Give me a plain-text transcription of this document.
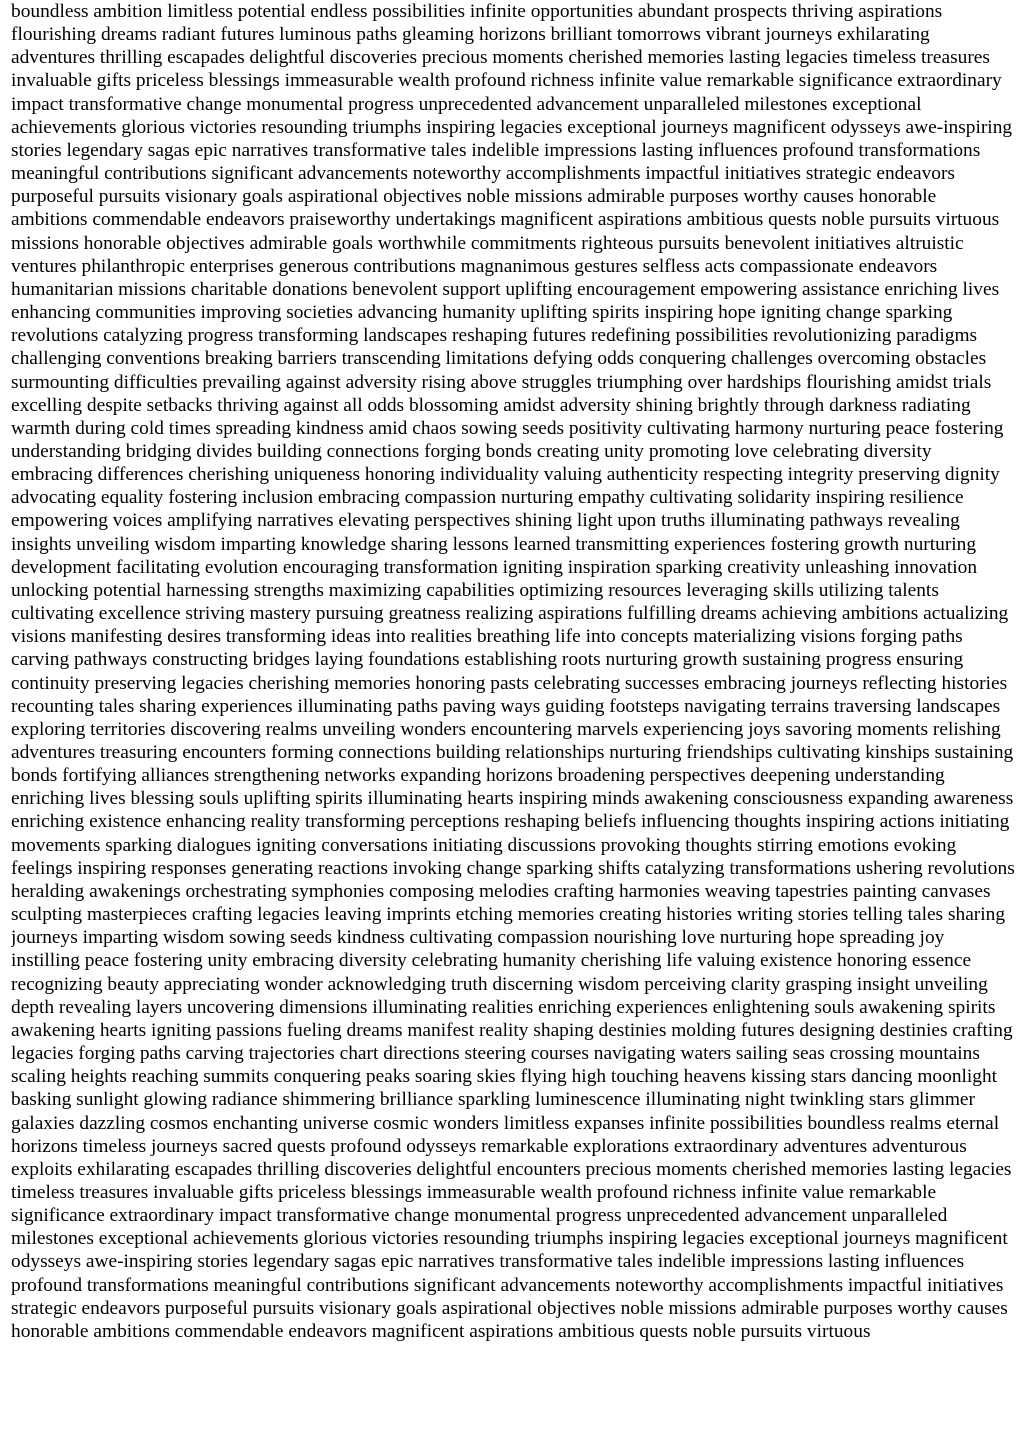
boundless ambition limitless potential endless possibilities infinite opportunities abundant prospects thriving aspirations flourishing dreams radiant futures luminous paths gleaming horizons brilliant tomorrows vibrant journeys exhilarating adventures thrilling escapades delightful discoveries precious moments cherished memories lasting legacies timeless treasures invaluable gifts priceless blessings immeasurable wealth profound richness infinite value remarkable significance extraordinary impact transformative change monumental progress unprecedented advancement unparalleled milestones exceptional achievements glorious victories resounding triumphs inspiring legacies exceptional journeys magnificent odysseys awe-inspiring stories legendary sagas epic narratives transformative tales indelible impressions lasting influences profound transformations meaningful contributions significant advancements noteworthy accomplishments impactful initiatives strategic endeavors purposeful pursuits visionary goals aspirational objectives noble missions admirable purposes worthy causes honorable ambitions commendable endeavors praiseworthy undertakings magnificent aspirations ambitious quests noble pursuits virtuous missions honorable objectives admirable goals worthwhile commitments righteous pursuits benevolent initiatives altruistic ventures philanthropic enterprises generous contributions magnanimous gestures selfless acts compassionate endeavors humanitarian missions charitable donations benevolent support uplifting encouragement empowering assistance enriching lives enhancing communities improving societies advancing humanity uplifting spirits inspiring hope igniting change sparking revolutions catalyzing progress transforming landscapes reshaping futures redefining possibilities revolutionizing paradigms challenging conventions breaking barriers transcending limitations defying odds conquering challenges overcoming obstacles surmounting difficulties prevailing against adversity rising above struggles triumphing over hardships flourishing amidst trials excelling despite setbacks thriving against all odds blossoming amidst adversity shining brightly through darkness radiating warmth during cold times spreading kindness amid chaos sowing seeds positivity cultivating harmony nurturing peace fostering understanding bridging divides building connections forging bonds creating unity promoting love celebrating diversity embracing differences cherishing uniqueness honoring individuality valuing authenticity respecting integrity preserving dignity advocating equality fostering inclusion embracing compassion nurturing empathy cultivating solidarity inspiring resilience empowering voices amplifying narratives elevating perspectives shining light upon truths illuminating pathways revealing insights unveiling wisdom imparting knowledge sharing lessons learned transmitting experiences fostering growth nurturing development facilitating evolution encouraging transformation igniting inspiration sparking creativity unleashing innovation unlocking potential harnessing strengths maximizing capabilities optimizing resources leveraging skills utilizing talents cultivating excellence striving mastery pursuing greatness realizing aspirations fulfilling dreams achieving ambitions actualizing visions manifesting desires transforming ideas into realities breathing life into concepts materializing visions forging paths carving pathways constructing bridges laying foundations establishing roots nurturing growth sustaining progress ensuring continuity preserving legacies cherishing memories honoring pasts celebrating successes embracing journeys reflecting histories recounting tales sharing experiences illuminating paths paving ways guiding footsteps navigating terrains traversing landscapes exploring territories discovering realms unveiling wonders encountering marvels experiencing joys savoring moments relishing adventures treasuring encounters forming connections building relationships nurturing friendships cultivating kinships sustaining bonds fortifying alliances strengthening networks expanding horizons broadening perspectives deepening understanding enriching lives blessing souls uplifting spirits illuminating hearts inspiring minds awakening consciousness expanding awareness enriching existence enhancing reality transforming perceptions reshaping beliefs influencing thoughts inspiring actions initiating movements sparking dialogues igniting conversations initiating discussions provoking thoughts stirring emotions evoking feelings inspiring responses generating reactions invoking change sparking shifts catalyzing transformations ushering revolutions heralding awakenings orchestrating symphonies composing melodies crafting harmonies weaving tapestries painting canvases sculpting masterpieces crafting legacies leaving imprints etching memories creating histories writing stories telling tales sharing journeys imparting wisdom sowing seeds kindness cultivating compassion nourishing love nurturing hope spreading joy instilling peace fostering unity embracing diversity celebrating humanity cherishing life valuing existence honoring essence recognizing beauty appreciating wonder acknowledging truth discerning wisdom perceiving clarity grasping insight unveiling depth revealing layers uncovering dimensions illuminating realities enriching experiences enlightening souls awakening spirits awakening hearts igniting passions fueling dreams manifest reality shaping destinies molding futures designing destinies crafting legacies forging paths carving trajectories chart directions steering courses navigating waters sailing seas crossing mountains scaling heights reaching summits conquering peaks soaring skies flying high touching heavens kissing stars dancing moonlight basking sunlight glowing radiance shimmering brilliance sparkling luminescence illuminating night twinkling stars glimmer galaxies dazzling cosmos enchanting universe cosmic wonders limitless expanses infinite possibilities boundless realms eternal horizons timeless journeys sacred quests profound odysseys remarkable explorations extraordinary adventures adventurous exploits exhilarating escapades thrilling discoveries delightful encounters precious moments cherished memories lasting legacies timeless treasures invaluable gifts priceless blessings immeasurable wealth profound richness infinite value remarkable significance extraordinary impact transformative change monumental progress unprecedented advancement unparalleled milestones exceptional achievements glorious victories resounding triumphs inspiring legacies exceptional journeys magnificent odysseys awe-inspiring stories legendary sagas epic narratives transformative tales indelible impressions lasting influences profound transformations meaningful contributions significant advancements noteworthy accomplishments impactful initiatives strategic endeavors purposeful pursuits visionary goals aspirational objectives noble missions admirable purposes worthy causes honorable ambitions commendable endeavors magnificent aspirations ambitious quests noble pursuits virtuous
